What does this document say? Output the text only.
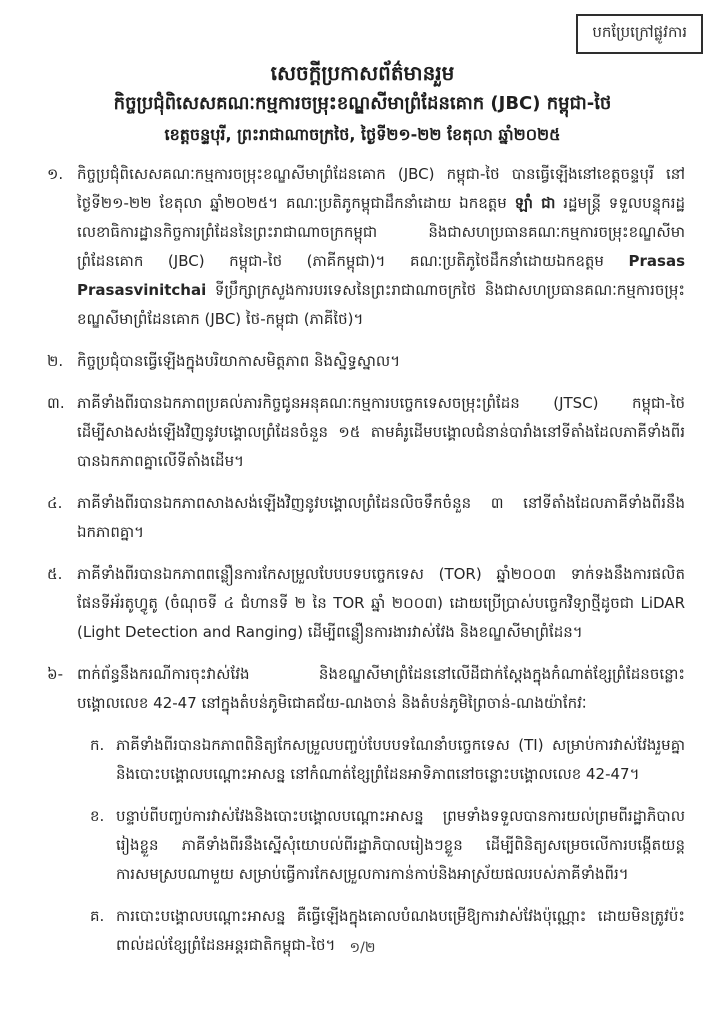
បកប្រែក្រៅផ្លូវការ
សេចក្តីប្រកាសព័ត៌មានរួម
កិច្ចប្រជុំពិសេសគណៈកម្មការចម្រុះខណ្ឌសីមាព្រំដែនគោក (JBC) កម្ពុជា-ថៃ
ខេត្តចន្ទបុរី, ព្រះរាជាណាចក្រថៃ, ថ្ងៃទី២១-២២ ខែតុលា ឆ្នាំ២០២៥
១. កិច្ចប្រជុំពិសេសគណៈកម្មការចម្រុះខណ្ឌសីមាព្រំដែនគោក (JBC) កម្ពុជា-ថៃ បានធ្វើឡើងនៅខេត្តចន្ទបុរី នៅថ្ងៃទី២១-២២ ខែតុលា ឆ្នាំ២០២៥។ គណៈប្រតិភូកម្ពុជាដឹកនាំដោយ ឯកឧត្តម ឡាំ ជា រដ្ឋមន្ត្រី ទទួលបន្ទុករដ្ឋលេខាធិការដ្ឋានកិច្ចការព្រំដែននៃព្រះរាជាណាចក្រកម្ពុជា និងជាសហប្រធានគណៈកម្មការចម្រុះខណ្ឌសីមាព្រំដែនគោក (JBC) កម្ពុជា-ថៃ (ភាគីកម្ពុជា)។ គណៈប្រតិភូថៃដឹកនាំដោយឯកឧត្តម Prasas Prasasvinitchai ទីប្រឹក្សាក្រសួងការបរទេសនៃព្រះរាជាណាចក្រថៃ និងជាសហប្រធានគណៈកម្មការចម្រុះខណ្ឌសីមាព្រំដែនគោក (JBC) ថៃ-កម្ពុជា (ភាគីថៃ)។
២. កិច្ចប្រជុំបានធ្វើឡើងក្នុងបរិយាកាសមិត្តភាព និងស្និទ្ធស្នាល។
៣. ភាគីទាំងពីរបានឯកភាពប្រគល់ភារកិច្ចជូនអនុគណៈកម្មការបច្ចេកទេសចម្រុះព្រំដែន (JTSC) កម្ពុជា-ថៃ ដើម្បីសាងសង់ឡើងវិញនូវបង្គោលព្រំដែនចំនួន ១៥ តាមគំរូដើមបង្គោលជំនាន់បារាំងនៅទីតាំងដែលភាគីទាំងពីរបានឯកភាពគ្នាលើទីតាំងដើម។
៤. ភាគីទាំងពីរបានឯកភាពសាងសង់ឡើងវិញនូវបង្គោលព្រំដែនលិចទឹកចំនួន ៣ នៅទីតាំងដែលភាគីទាំងពីរនឹងឯកភាពគ្នា។
៥. ភាគីទាំងពីរបានឯកភាពពន្លឿនការកែសម្រួលបែបបទបច្ចេកទេស (TOR) ឆ្នាំ២០០៣ ទាក់ទងនឹងការផលិតផែនទីអ័រតូហ្វូតូ (ចំណុចទី ៤ ជំហានទី ២ នៃ TOR ឆ្នាំ ២០០៣) ដោយប្រើប្រាស់បច្ចេកវិទ្យាថ្មីដូចជា LiDAR (Light Detection and Ranging) ដើម្បីពន្លឿនការងារវាស់វែង និងខណ្ឌសីមាព្រំដែន។
៦- ពាក់ព័ន្ធនឹងករណីការចុះវាស់វែង និងខណ្ឌសីមាព្រំដែននៅលើដីជាក់ស្ដែងក្នុងកំណាត់ខ្សែព្រំដែនចន្លោះបង្គោលលេខ 42-47 នៅក្នុងតំបន់ភូមិជោគជ័យ-ណងចាន់ និងតំបន់ភូមិព្រៃចាន់-ណងយ៉ាកែវៈ
ក. ភាគីទាំងពីរបានឯកភាពពិនិត្យកែសម្រួលបញ្ចប់បែបបទណែនាំបច្ចេកទេស (TI) សម្រាប់ការវាស់វែងរួមគ្នា និងបោះបង្គោលបណ្ដោះអាសន្ន នៅកំណាត់ខ្សែព្រំដែនអាទិភាពនៅចន្លោះបង្គោលលេខ 42-47។
ខ. បន្ទាប់ពីបញ្ចប់ការវាស់វែងនិងបោះបង្គោលបណ្ដោះអាសន្ន ព្រមទាំងទទួលបានការយល់ព្រមពីរដ្ឋាភិបាលរៀងខ្លួន ភាគីទាំងពីរនឹងស្នើសុំយោបល់ពីរដ្ឋាភិបាលរៀងៗខ្លួន ដើម្បីពិនិត្យសម្រេចលើការបង្កើតយន្តការសមស្របណាមួយ សម្រាប់ធ្វើការកែសម្រួលការកាន់កាប់និងអាស្រ័យផលរបស់ភាគីទាំងពីរ។
គ. ការបោះបង្គោលបណ្ដោះអាសន្ន គឺធ្វើឡើងក្នុងគោលបំណងបម្រើឱ្យការវាស់វែងប៉ុណ្ណោះ ដោយមិនត្រូវប៉ះពាល់ដល់ខ្សែព្រំដែនអន្តរជាតិកម្ពុជា-ថៃ។	១/២
